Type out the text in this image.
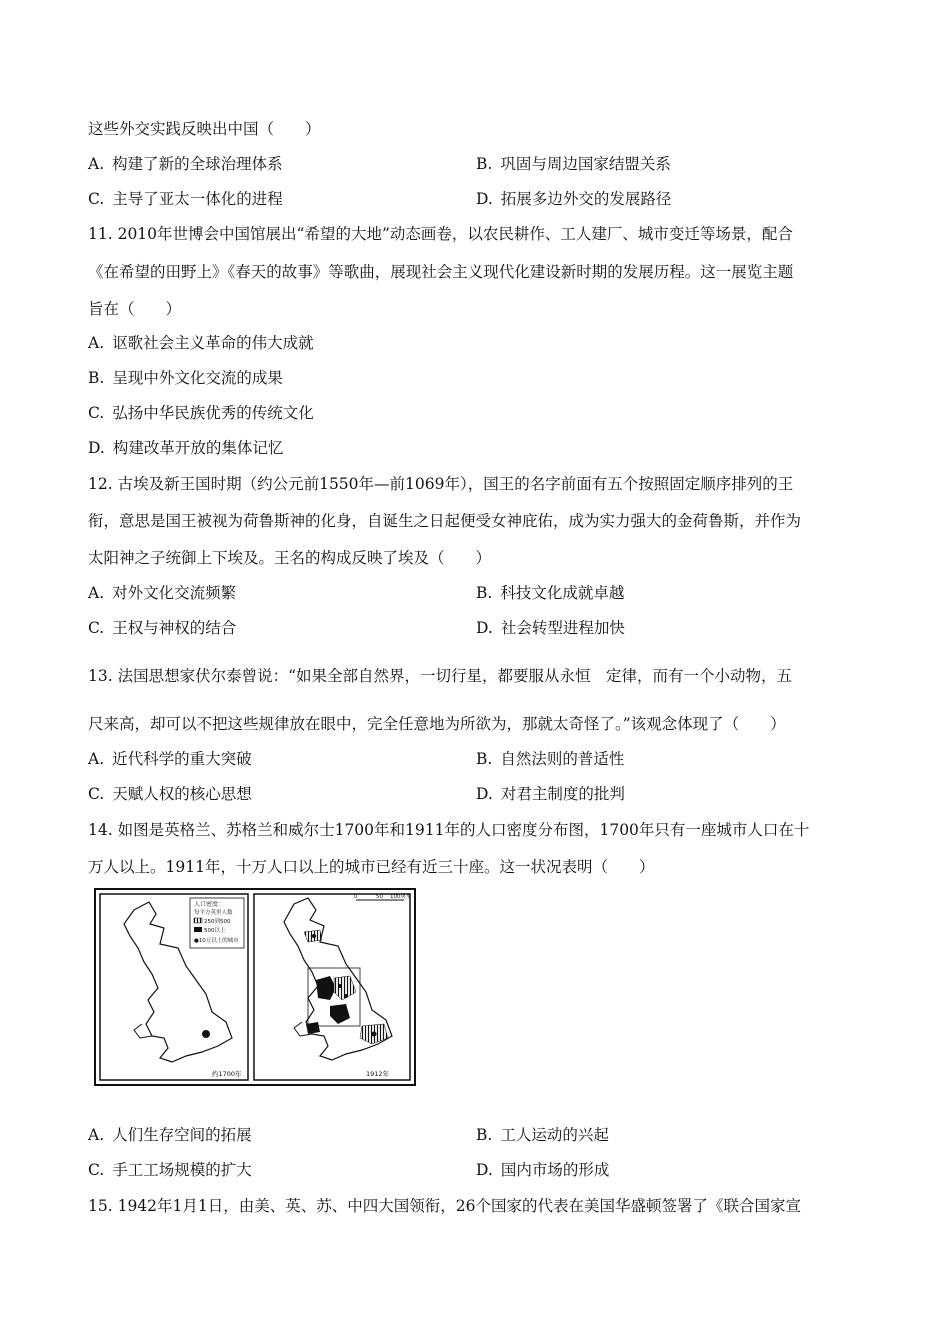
这些外交实践反映出中国（　　）
A. 构建了新的全球治理体系	B. 巩固与周边国家结盟关系
C. 主导了亚太一体化的进程	D. 拓展多边外交的发展路径
11. 2010年世博会中国馆展出“希望的大地”动态画卷，以农民耕作、工人建厂、城市变迁等场景，配合
《在希望的田野上》《春天的故事》等歌曲，展现社会主义现代化建设新时期的发展历程。这一展览主题
旨在（　　）
A. 讴歌社会主义革命的伟大成就
B. 呈现中外文化交流的成果
C. 弘扬中华民族优秀的传统文化
D. 构建改革开放的集体记忆
12. 古埃及新王国时期（约公元前1550年—前1069年），国王的名字前面有五个按照固定顺序排列的王
衔，意思是国王被视为荷鲁斯神的化身，自诞生之日起便受女神庇佑，成为实力强大的金荷鲁斯，并作为
太阳神之子统御上下埃及。王名的构成反映了埃及（　　）
A. 对外文化交流频繁	B. 科技文化成就卓越
C. 王权与神权的结合	D. 社会转型进程加快
13. 法国思想家伏尔泰曾说：“如果全部自然界，一切行星，都要服从永恒　定律，而有一个小动物，五
尺来高，却可以不把这些规律放在眼中，完全任意地为所欲为，那就太奇怪了。”该观念体现了（　　）
A. 近代科学的重大突破	B. 自然法则的普适性
C. 天赋人权的核心思想	D. 对君主制度的批判
14. 如图是英格兰、苏格兰和威尔士1700年和1911年的人口密度分布图，1700年只有一座城市人口在十
万人以上。1911年，十万人口以上的城市已经有近三十座。这一状况表明（　　）
人口密度：
每平方英里人数
250到500
500以上
●10万以上的城市
约1700年
0	50 100英里
1912年
A. 人们生存空间的拓展	B. 工人运动的兴起
C. 手工工场规模的扩大	D. 国内市场的形成
15. 1942年1月1日，由美、英、苏、中四大国领衔，26个国家的代表在美国华盛顿签署了《联合国家宣
